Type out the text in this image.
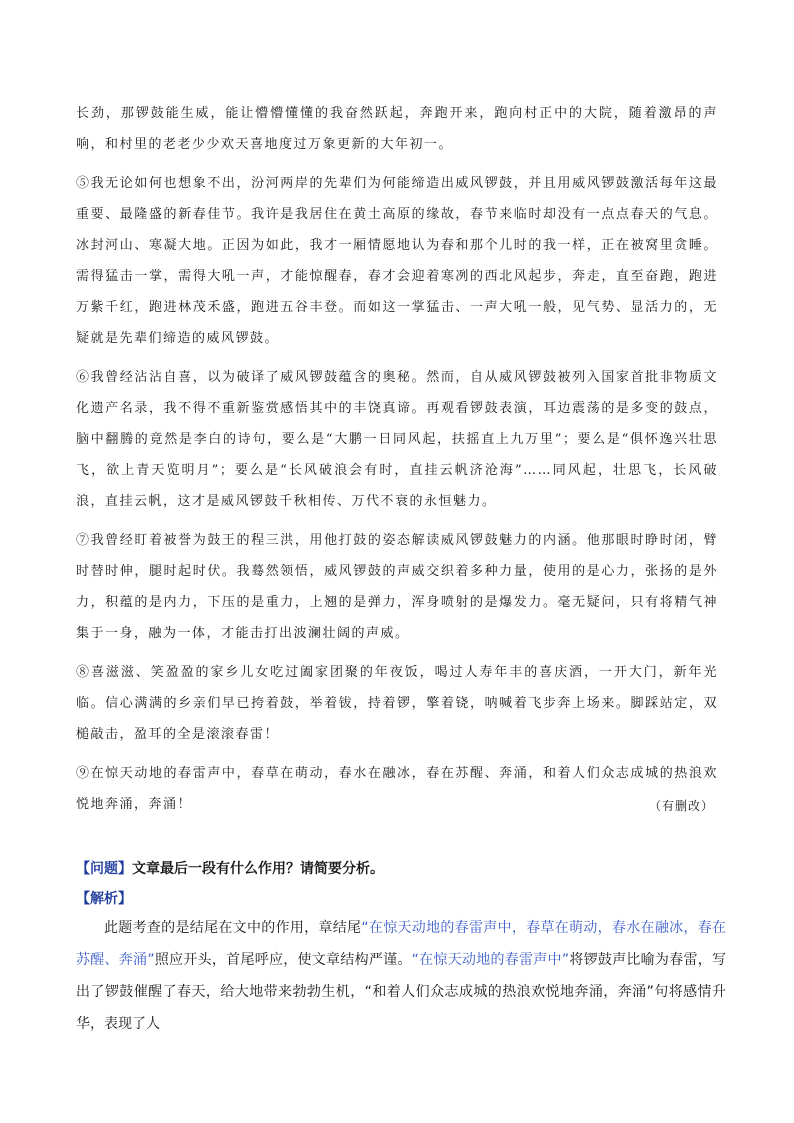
长劲，那锣鼓能生威，能让懵懵懂懂的我奋然跃起，奔跑开来，跑向村正中的大院，随着激昂的声响，和村里的老老少少欢天喜地度过万象更新的大年初一。

⑤我无论如何也想象不出，汾河两岸的先辈们为何能缔造出威风锣鼓，并且用威风锣鼓激活每年这最重要、最隆盛的新春佳节。我许是我居住在黄土高原的缘故，春节来临时却没有一点点春天的气息。冰封河山、寒凝大地。正因为如此，我才一厢情愿地认为春和那个儿时的我一样，正在被窝里贪睡。需得猛击一掌，需得大吼一声，才能惊醒春，春才会迎着寒冽的西北风起步，奔走，直至奋跑，跑进万紫千红，跑进林茂禾盛，跑进五谷丰登。而如这一掌猛击、一声大吼一般，见气势、显活力的，无疑就是先辈们缔造的威风锣鼓。

⑥我曾经沾沾自喜，以为破译了威风锣鼓蕴含的奥秘。然而，自从威风锣鼓被列入国家首批非物质文化遗产名录，我不得不重新鉴赏感悟其中的丰饶真谛。再观看锣鼓表演，耳边震荡的是多变的鼓点，脑中翻腾的竟然是李白的诗句，要么是“大鹏一日同风起，扶摇直上九万里”；要么是“俱怀逸兴壮思飞，欲上青天览明月”；要么是“长风破浪会有时，直挂云帆济沧海”……同风起，壮思飞，长风破浪，直挂云帆，这才是威风锣鼓千秋相传、万代不衰的永恒魅力。

⑦我曾经盯着被誉为鼓王的程三洪，用他打鼓的姿态解读威风锣鼓魅力的内涵。他那眼时睁时闭，臂时替时伸，腿时起时伏。我蓦然领悟，威风锣鼓的声威交织着多种力量，使用的是心力，张扬的是外力，积蕴的是内力，下压的是重力，上翘的是弹力，浑身喷射的是爆发力。毫无疑问，只有将精气神集于一身，融为一体，才能击打出波澜壮阔的声威。

⑧喜滋滋、笑盈盈的家乡儿女吃过阖家团聚的年夜饭，喝过人寿年丰的喜庆酒，一开大门，新年光临。信心满满的乡亲们早已挎着鼓，举着钹，持着锣，擎着铙，呐喊着飞步奔上场来。脚踩站定，双槌敲击，盈耳的全是滚滚春雷！

⑨在惊天动地的春雷声中，春草在萌动，春水在融冰，春在苏醒、奔涌，和着人们众志成城的热浪欢悦地奔涌，奔涌！	（有删改）
【问题】文章最后一段有什么作用？请简要分析。
【解析】
此题考查的是结尾在文中的作用，章结尾“在惊天动地的春雷声中，春草在萌动，春水在融冰，春在苏醒、奔涌”照应开头，首尾呼应，使文章结构严谨。“在惊天动地的春雷声中”将锣鼓声比喻为春雷，写出了锣鼓催醒了春天，给大地带来勃勃生机，“和着人们众志成城的热浪欢悦地奔涌，奔涌”句将感情升华，表现了人
